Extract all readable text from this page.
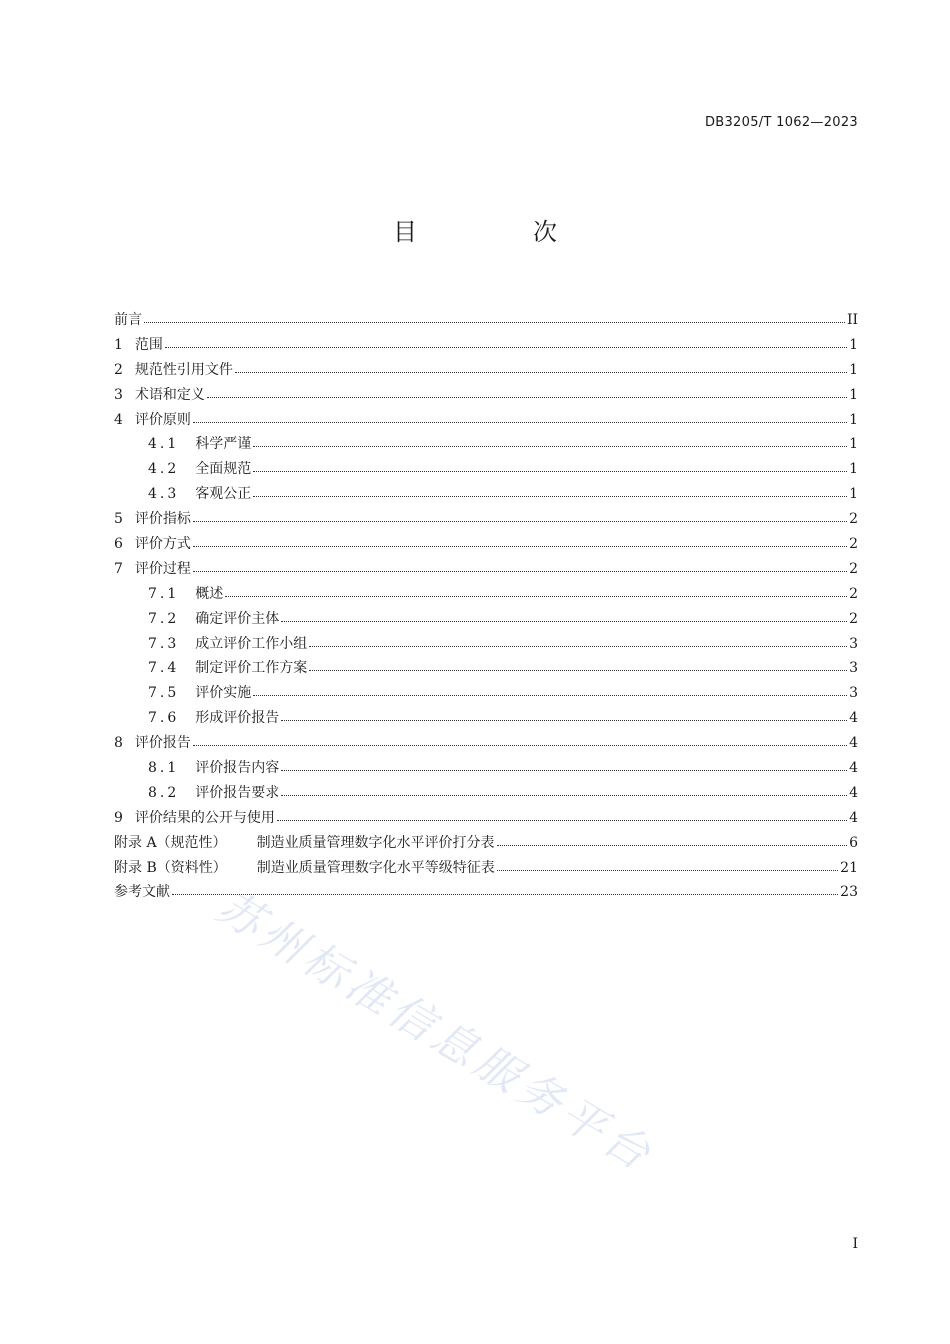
DB3205/T 1062—2023
目　次
前言	II
1 范围	1
2 规范性引用文件	1
3 术语和定义	1
4 评价原则	1
4.1 科学严谨	1
4.2 全面规范	1
4.3 客观公正	1
5 评价指标	2
6 评价方式	2
7 评价过程	2
7.1 概述	2
7.2 确定评价主体	2
7.3 成立评价工作小组	3
7.4 制定评价工作方案	3
7.5 评价实施	3
7.6 形成评价报告	4
8 评价报告	4
8.1 评价报告内容	4
8.2 评价报告要求	4
9 评价结果的公开与使用	4
附录 A（规范性） 制造业质量管理数字化水平评价打分表	6
附录 B（资料性） 制造业质量管理数字化水平等级特征表	21
参考文献	23
苏州标准信息服务平台
I
